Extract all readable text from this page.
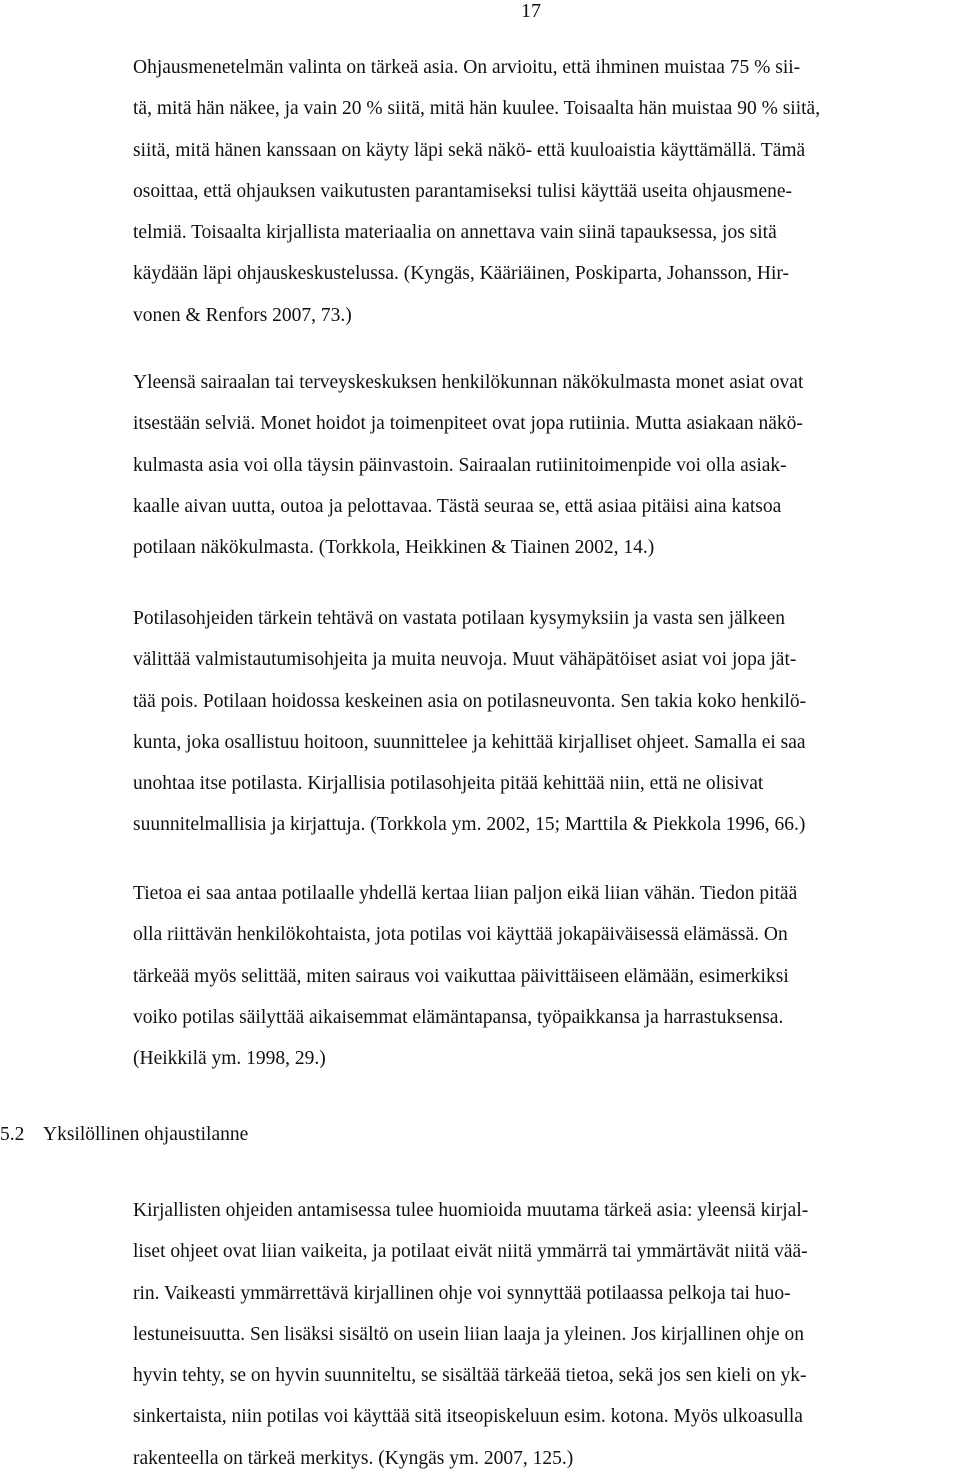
17

Ohjausmenetelmän valinta on tärkeä asia. On arvioitu, että ihminen muistaa 75 % sii-
tä, mitä hän näkee, ja vain 20 % siitä, mitä hän kuulee. Toisaalta hän muistaa 90 % siitä,
siitä, mitä hänen kanssaan on käyty läpi sekä näkö- että kuuloaistia käyttämällä. Tämä
osoittaa, että ohjauksen vaikutusten parantamiseksi tulisi käyttää useita ohjausmene-
telmiä. Toisaalta kirjallista materiaalia on annettava vain siinä tapauksessa, jos sitä
käydään läpi ohjauskeskustelussa. (Kyngäs, Kääriäinen, Poskiparta, Johansson, Hir-
vonen & Renfors 2007, 73.)

Yleensä sairaalan tai terveyskeskuksen henkilökunnan näkökulmasta monet asiat ovat
itsestään selviä. Monet hoidot ja toimenpiteet ovat jopa rutiinia. Mutta asiakaan näkö-
kulmasta asia voi olla täysin päinvastoin. Sairaalan rutiinitoimenpide voi olla asiak-
kaalle aivan uutta, outoa ja pelottavaa. Tästä seuraa se, että asiaa pitäisi aina katsoa
potilaan näkökulmasta. (Torkkola, Heikkinen & Tiainen 2002, 14.)

Potilasohjeiden tärkein tehtävä on vastata potilaan kysymyksiin ja vasta sen jälkeen
välittää valmistautumisohjeita ja muita neuvoja. Muut vähäpätöiset asiat voi jopa jät-
tää pois. Potilaan hoidossa keskeinen asia on potilasneuvonta. Sen takia koko henkilö-
kunta, joka osallistuu hoitoon, suunnittelee ja kehittää kirjalliset ohjeet. Samalla ei saa
unohtaa itse potilasta. Kirjallisia potilasohjeita pitää kehittää niin, että ne olisivat
suunnitelmallisia ja kirjattuja. (Torkkola ym. 2002, 15; Marttila & Piekkola 1996, 66.)

Tietoa ei saa antaa potilaalle yhdellä kertaa liian paljon eikä liian vähän. Tiedon pitää
olla riittävän henkilökohtaista, jota potilas voi käyttää jokapäiväisessä elämässä. On
tärkeää myös selittää, miten sairaus voi vaikuttaa päivittäiseen elämään, esimerkiksi
voiko potilas säilyttää aikaisemmat elämäntapansa, työpaikkansa ja harrastuksensa.
(Heikkilä ym. 1998, 29.)

5.2 Yksilöllinen ohjaustilanne

Kirjallisten ohjeiden antamisessa tulee huomioida muutama tärkeä asia: yleensä kirjal-
liset ohjeet ovat liian vaikeita, ja potilaat eivät niitä ymmärrä tai ymmärtävät niitä vää-
rin. Vaikeasti ymmärrettävä kirjallinen ohje voi synnyttää potilaassa pelkoja tai huo-
lestuneisuutta. Sen lisäksi sisältö on usein liian laaja ja yleinen. Jos kirjallinen ohje on
hyvin tehty, se on hyvin suunniteltu, se sisältää tärkeää tietoa, sekä jos sen kieli on yk-
sinkertaista, niin potilas voi käyttää sitä itseopiskeluun esim. kotona. Myös ulkoasulla
rakenteella on tärkeä merkitys. (Kyngäs ym. 2007, 125.)
